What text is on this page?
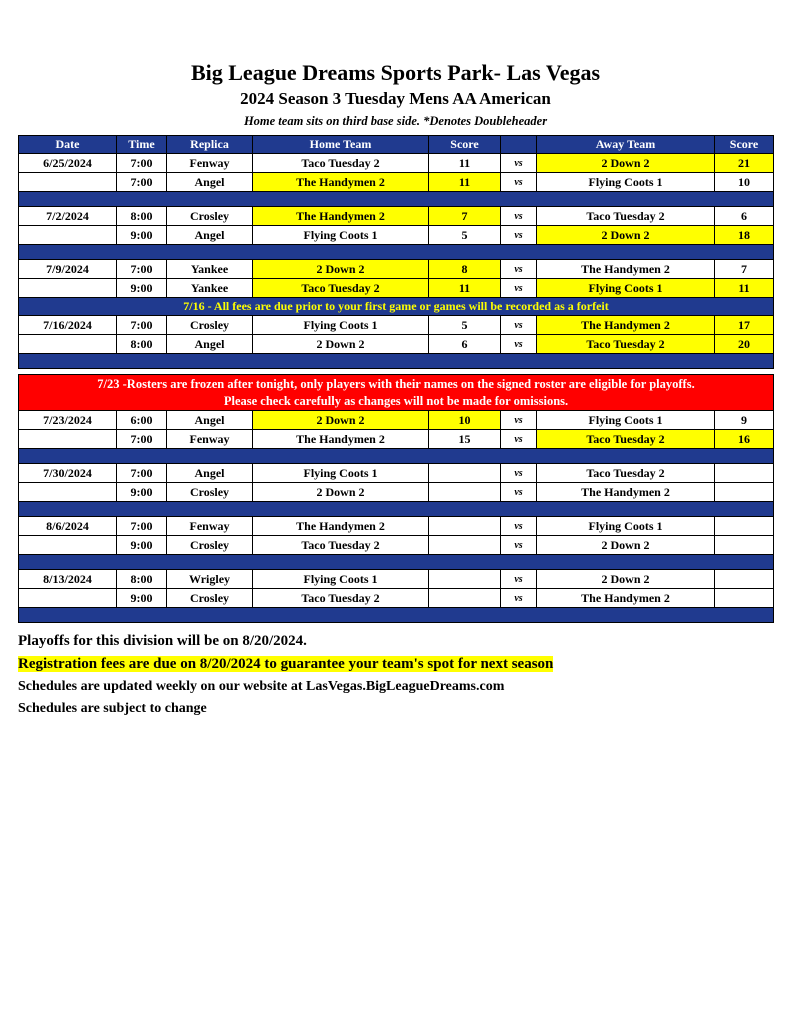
Big League Dreams Sports Park- Las Vegas
2024 Season 3 Tuesday Mens AA American
Home team sits on third base side. *Denotes Doubleheader
Date	Time	Replica	Home Team	Score		Away Team	Score
6/25/2024	7:00	Fenway	Taco Tuesday 2	11	vs	2 Down 2	21
	7:00	Angel	The Handymen 2	11	vs	Flying Coots 1	10

7/2/2024	8:00	Crosley	The Handymen 2	7	vs	Taco Tuesday 2	6
	9:00	Angel	Flying Coots 1	5	vs	2 Down 2	18

7/9/2024	7:00	Yankee	2 Down 2	8	vs	The Handymen 2	7
	9:00	Yankee	Taco Tuesday 2	11	vs	Flying Coots 1	11
7/16 - All fees are due prior to your first game or games will be recorded as a forfeit							
7/16/2024	7:00	Crosley	Flying Coots 1	5	vs	The Handymen 2	17
	8:00	Angel	2 Down 2	6	vs	Taco Tuesday 2	20

7/23 -Rosters are frozen after tonight, only players with their names on the signed roster are eligible for playoffs.
Please check carefully as changes will not be made for omissions.							

7/23/2024	6:00	Angel	2 Down 2	10	vs	Flying Coots 1	9
	7:00	Fenway	The Handymen 2	15	vs	Taco Tuesday 2	16

7/30/2024	7:00	Angel	Flying Coots 1		vs	Taco Tuesday 2	
	9:00	Crosley	2 Down 2		vs	The Handymen 2	

8/6/2024	7:00	Fenway	The Handymen 2		vs	Flying Coots 1	
	9:00	Crosley	Taco Tuesday 2		vs	2 Down 2	

8/13/2024	8:00	Wrigley	Flying Coots 1		vs	2 Down 2	
	9:00	Crosley	Taco Tuesday 2		vs	The Handymen 2	

Playoffs for this division will be on 8/20/2024.
Registration fees are due on 8/20/2024 to guarantee your team's spot for next season
Schedules are updated weekly on our website at LasVegas.BigLeagueDreams.com
Schedules are subject to change
